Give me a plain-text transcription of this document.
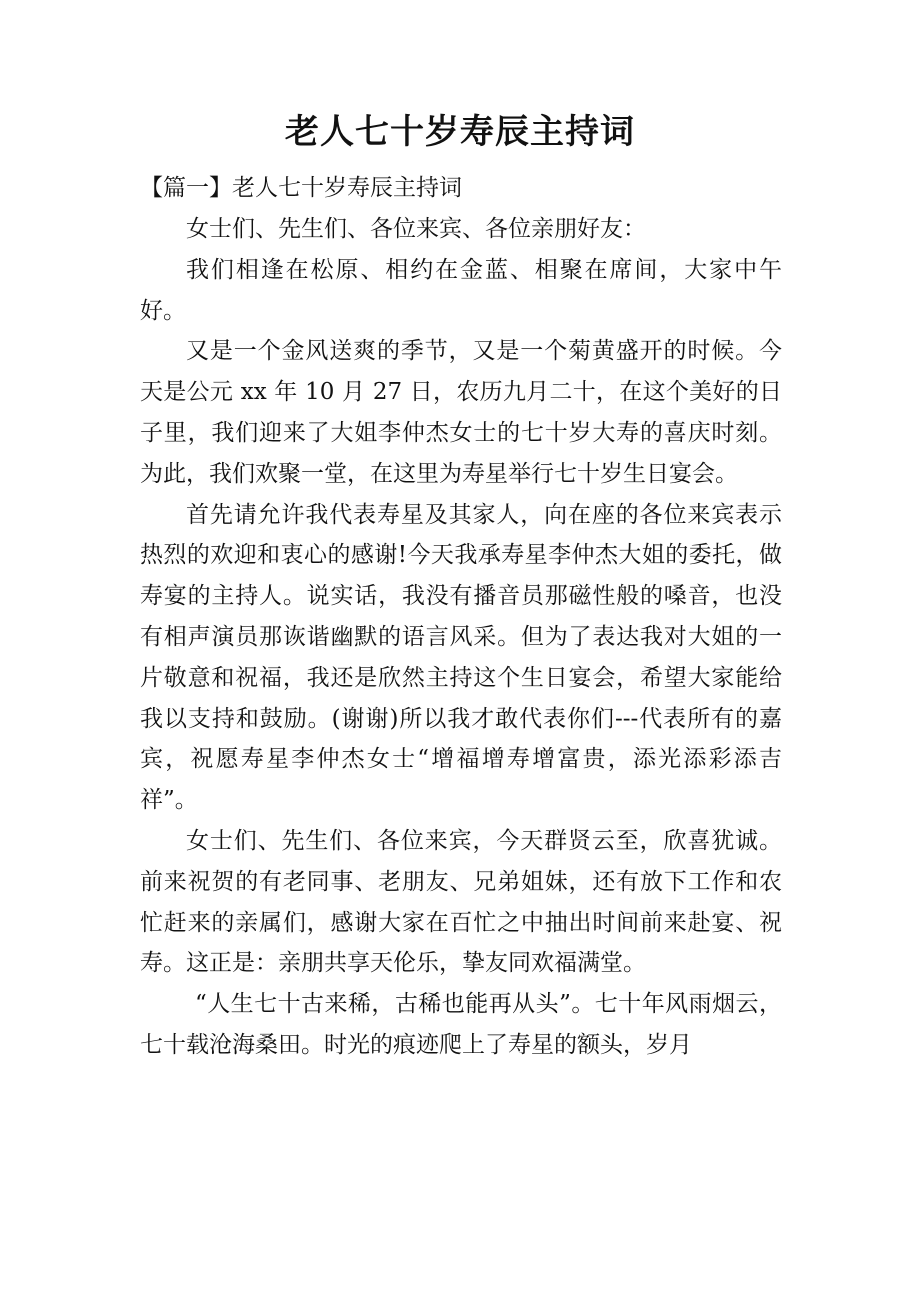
老人七十岁寿辰主持词
【篇一】老人七十岁寿辰主持词

女士们、先生们、各位来宾、各位亲朋好友：

我们相逢在松原、相约在金蓝、相聚在席间，大家中午好。

又是一个金风送爽的季节，又是一个菊黄盛开的时候。今天是公元 xx 年 10 月 27 日，农历九月二十，在这个美好的日子里，我们迎来了大姐李仲杰女士的七十岁大寿的喜庆时刻。为此，我们欢聚一堂，在这里为寿星举行七十岁生日宴会。

首先请允许我代表寿星及其家人，向在座的各位来宾表示热烈的欢迎和衷心的感谢!今天我承寿星李仲杰大姐的委托，做寿宴的主持人。说实话，我没有播音员那磁性般的嗓音，也没有相声演员那诙谐幽默的语言风采。但为了表达我对大姐的一片敬意和祝福，我还是欣然主持这个生日宴会，希望大家能给我以支持和鼓励。(谢谢)所以我才敢代表你们---代表所有的嘉宾，祝愿寿星李仲杰女士“增福增寿增富贵，添光添彩添吉祥”。

女士们、先生们、各位来宾，今天群贤云至，欣喜犹诚。前来祝贺的有老同事、老朋友、兄弟姐妹，还有放下工作和农忙赶来的亲属们，感谢大家在百忙之中抽出时间前来赴宴、祝寿。这正是：亲朋共享天伦乐，挚友同欢福满堂。

“人生七十古来稀，古稀也能再从头”。七十年风雨烟云，七十载沧海桑田。时光的痕迹爬上了寿星的额头，岁月
